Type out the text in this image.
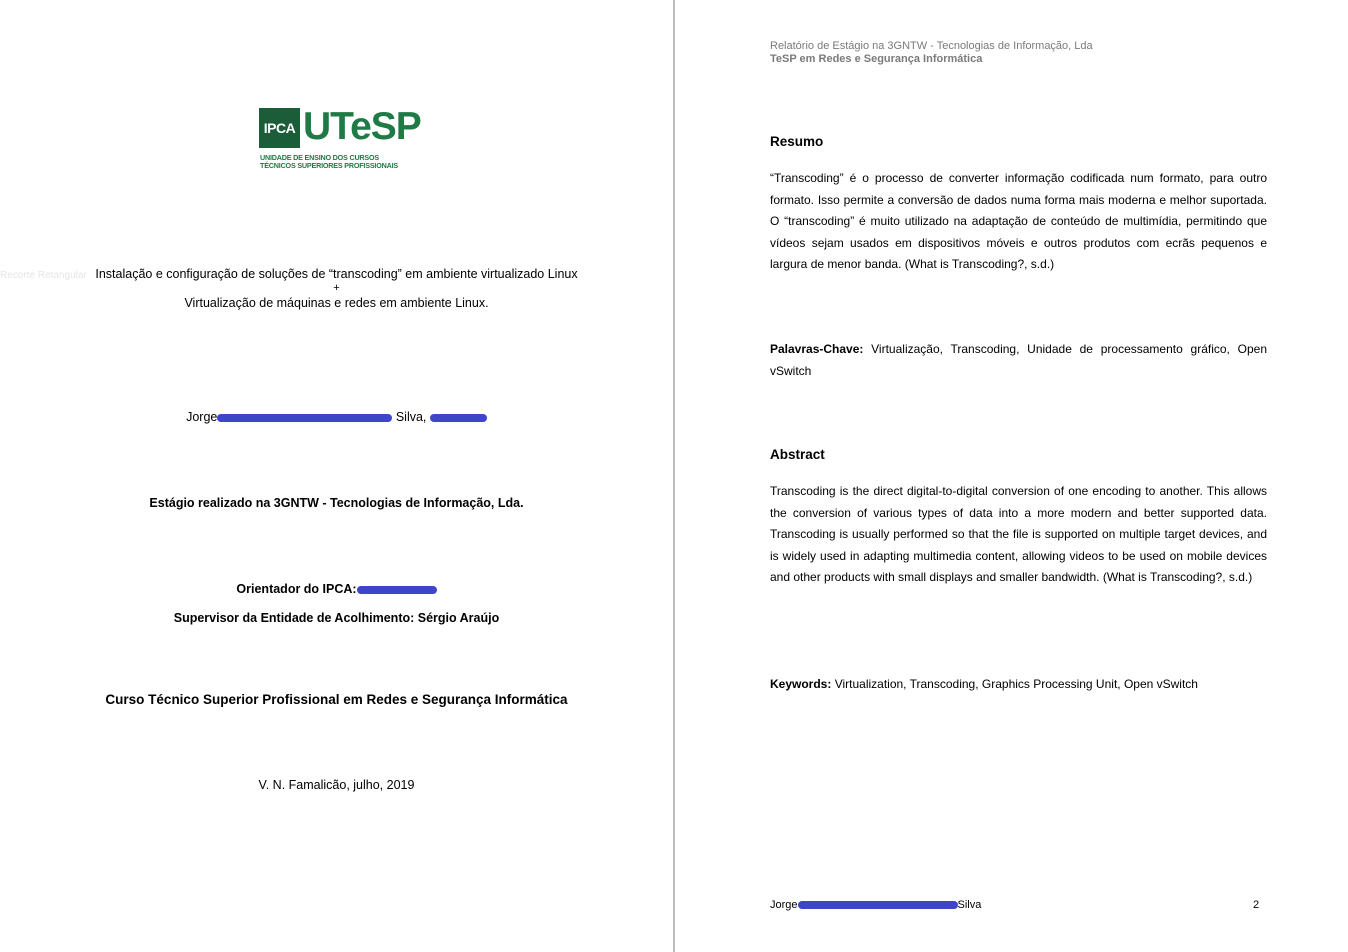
IPCA UTeSP
UNIDADE DE ENSINO DOS CURSOS
TÉCNICOS SUPERIORES PROFISSIONAIS
Recorte Retangular Instalação e configuração de soluções de “transcoding” em ambiente virtualizado Linux
+
Virtualização de máquinas e redes em ambiente Linux.
Jorge	Silva,
Estágio realizado na 3GNTW - Tecnologias de Informação, Lda.
Orientador do IPCA:
Supervisor da Entidade de Acolhimento: Sérgio Araújo
Curso Técnico Superior Profissional em Redes e Segurança Informática
V. N. Famalicão, julho, 2019
Relatório de Estágio na 3GNTW - Tecnologias de Informação, Lda
TeSP em Redes e Segurança Informática
Resumo
“Transcoding” é o processo de converter informação codificada num formato, para outro formato. Isso permite a conversão de dados numa forma mais moderna e melhor suportada. O “transcoding” é muito utilizado na adaptação de conteúdo de multimídia, permitindo que vídeos sejam usados em dispositivos móveis e outros produtos com ecrãs pequenos e largura de menor banda. (What is Transcoding?, s.d.)
Palavras-Chave: Virtualização, Transcoding, Unidade de processamento gráfico, Open vSwitch
Abstract
Transcoding is the direct digital-to-digital conversion of one encoding to another. This allows the conversion of various types of data into a more modern and better supported data. Transcoding is usually performed so that the file is supported on multiple target devices, and is widely used in adapting multimedia content, allowing videos to be used on mobile devices and other products with small displays and smaller bandwidth. (What is Transcoding?, s.d.)
Keywords: Virtualization, Transcoding, Graphics Processing Unit, Open vSwitch
Jorge	Silva	2
